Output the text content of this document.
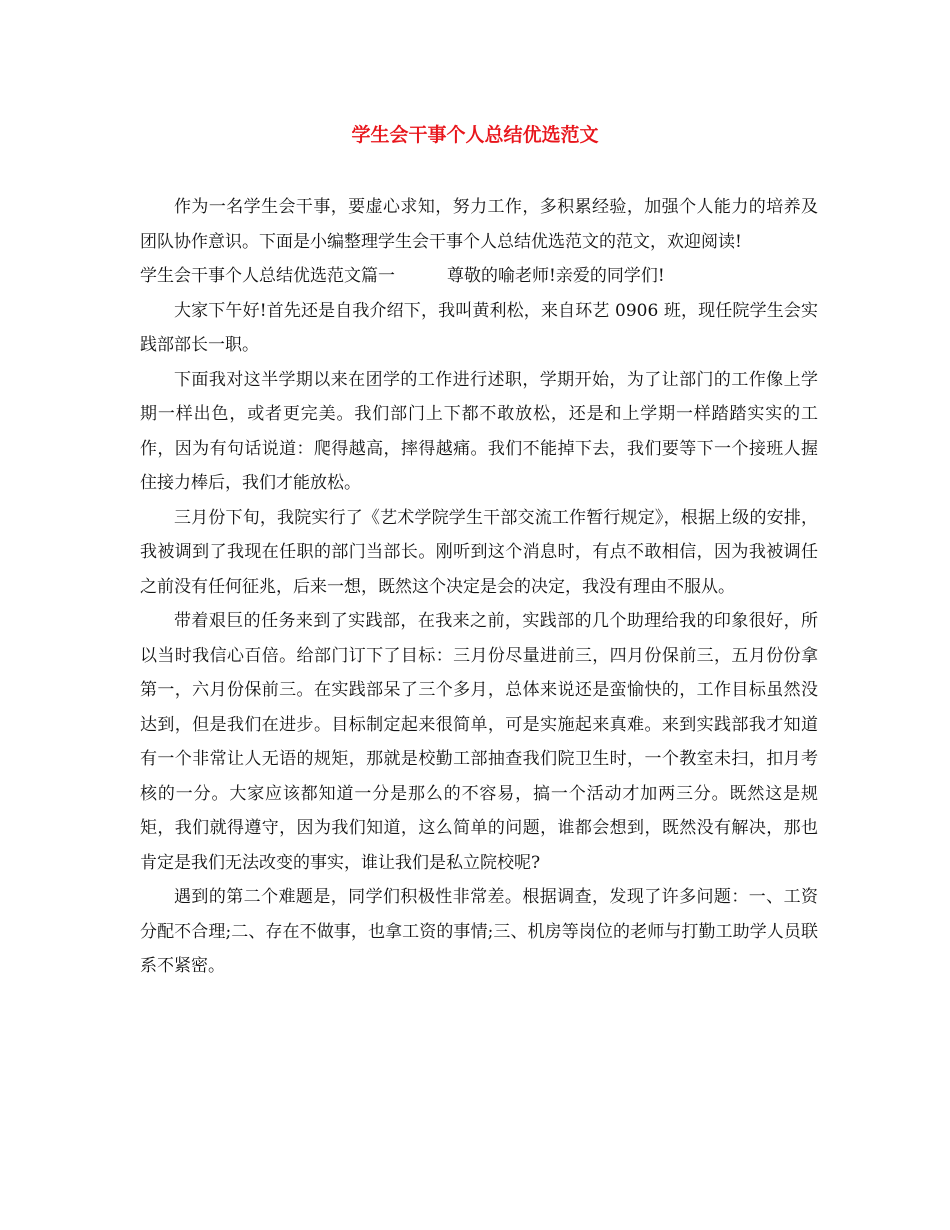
学生会干事个人总结优选范文

作为一名学生会干事，要虚心求知，努力工作，多积累经验，加强个人能力的培养及团队协作意识。下面是小编整理学生会干事个人总结优选范文的范文，欢迎阅读!

学生会干事个人总结优选范文篇一	尊敬的喻老师!亲爱的同学们!

大家下午好!首先还是自我介绍下，我叫黄利松，来自环艺 0906 班，现任院学生会实践部部长一职。

下面我对这半学期以来在团学的工作进行述职，学期开始，为了让部门的工作像上学期一样出色，或者更完美。我们部门上下都不敢放松，还是和上学期一样踏踏实实的工作，因为有句话说道：爬得越高，摔得越痛。我们不能掉下去，我们要等下一个接班人握住接力棒后，我们才能放松。

三月份下旬，我院实行了《艺术学院学生干部交流工作暂行规定》，根据上级的安排，我被调到了我现在任职的部门当部长。刚听到这个消息时，有点不敢相信，因为我被调任之前没有任何征兆，后来一想，既然这个决定是会的决定，我没有理由不服从。

带着艰巨的任务来到了实践部，在我来之前，实践部的几个助理给我的印象很好，所以当时我信心百倍。给部门订下了目标：三月份尽量进前三，四月份保前三，五月份份拿第一，六月份保前三。在实践部呆了三个多月，总体来说还是蛮愉快的，工作目标虽然没达到，但是我们在进步。目标制定起来很简单，可是实施起来真难。来到实践部我才知道有一个非常让人无语的规矩，那就是校勤工部抽查我们院卫生时，一个教室未扫，扣月考核的一分。大家应该都知道一分是那么的不容易，搞一个活动才加两三分。既然这是规矩，我们就得遵守，因为我们知道，这么简单的问题，谁都会想到，既然没有解决，那也肯定是我们无法改变的事实，谁让我们是私立院校呢?

遇到的第二个难题是，同学们积极性非常差。根据调查，发现了许多问题：一、工资分配不合理;二、存在不做事，也拿工资的事情;三、机房等岗位的老师与打勤工助学人员联系不紧密。
